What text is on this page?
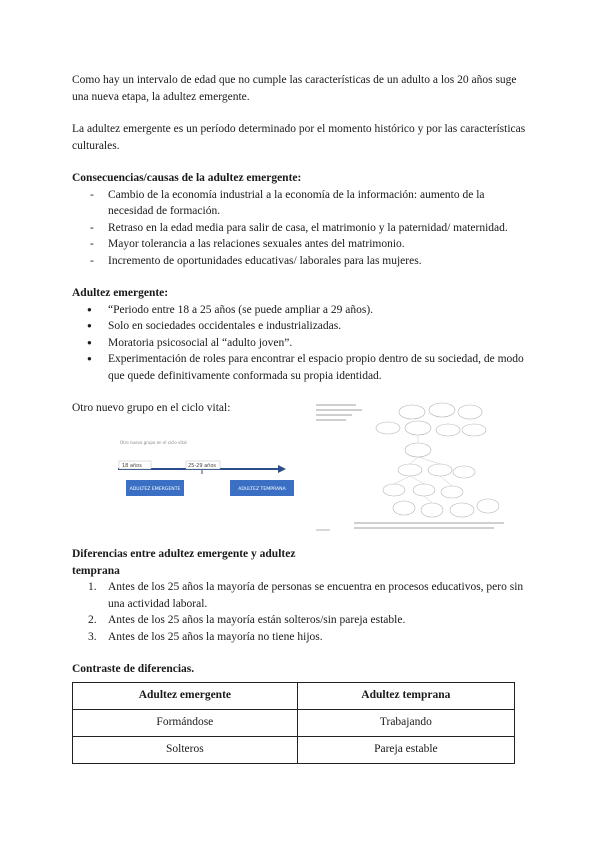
Como hay un intervalo de edad que no cumple las características de un adulto a los 20 años suge una nueva etapa, la adultez emergente.

La adultez emergente es un período determinado por el momento histórico y por las características culturales.

Consecuencias/causas de la adultez emergente:

- Cambio de la economía industrial a la economía de la información: aumento de la necesidad de formación.
- Retraso en la edad media para salir de casa, el matrimonio y la paternidad/ maternidad.
- Mayor tolerancia a las relaciones sexuales antes del matrimonio.
- Incremento de oportunidades educativas/ laborales para las mujeres.

Adultez emergente:

● “Periodo entre 18 a 25 años (se puede ampliar a 29 años).
● Solo en sociedades occidentales e industrializadas.
● Moratoria psicosocial al “adulto joven”.
● Experimentación de roles para encontrar el espacio propio dentro de su sociedad, de modo que quede definitivamente conformada su propia identidad.

Otro nuevo grupo en el ciclo vital:

Otro nuevo grupo en el ciclo vital
18 años	25-29 años
ADULTEZ EMERGENTE	ADULTEZ TEMPRANA

Diferencias entre adultez emergente y adultez temprana

1. Antes de los 25 años la mayoría de personas se encuentra en procesos educativos, pero sin una actividad laboral.
2. Antes de los 25 años la mayoría están solteros/sin pareja estable.
3. Antes de los 25 años la mayoría no tiene hijos.

Contraste de diferencias.

Adultez emergente	Adultez temprana
Formándose	Trabajando
Solteros	Pareja estable
